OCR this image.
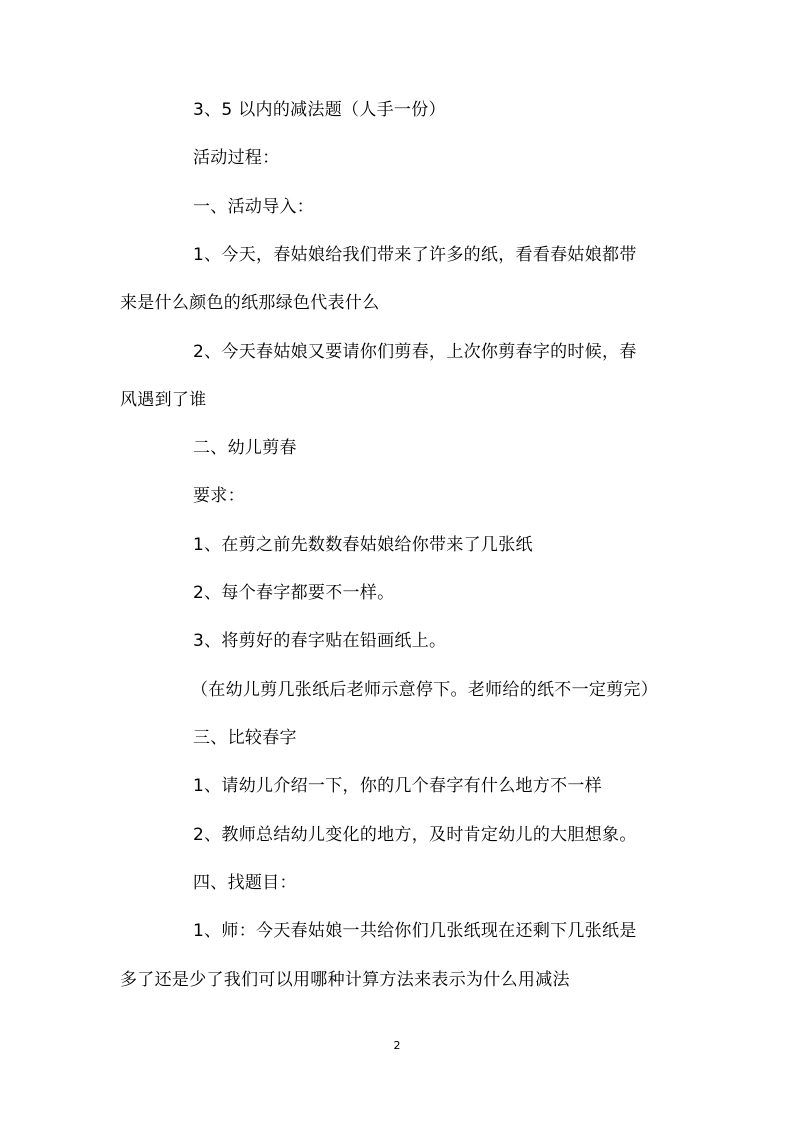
3、5 以内的减法题（人手一份）
活动过程：
一、活动导入：
1、今天，春姑娘给我们带来了许多的纸，看看春姑娘都带
来是什么颜色的纸那绿色代表什么
2、今天春姑娘又要请你们剪春，上次你剪春字的时候，春
风遇到了谁
二、幼儿剪春
要求：
1、在剪之前先数数春姑娘给你带来了几张纸
2、每个春字都要不一样。
3、将剪好的春字贴在铅画纸上。
（在幼儿剪几张纸后老师示意停下。老师给的纸不一定剪完）
三、比较春字
1、请幼儿介绍一下，你的几个春字有什么地方不一样
2、教师总结幼儿变化的地方，及时肯定幼儿的大胆想象。
四、找题目：
1、师：今天春姑娘一共给你们几张纸现在还剩下几张纸是
多了还是少了我们可以用哪种计算方法来表示为什么用减法
2
